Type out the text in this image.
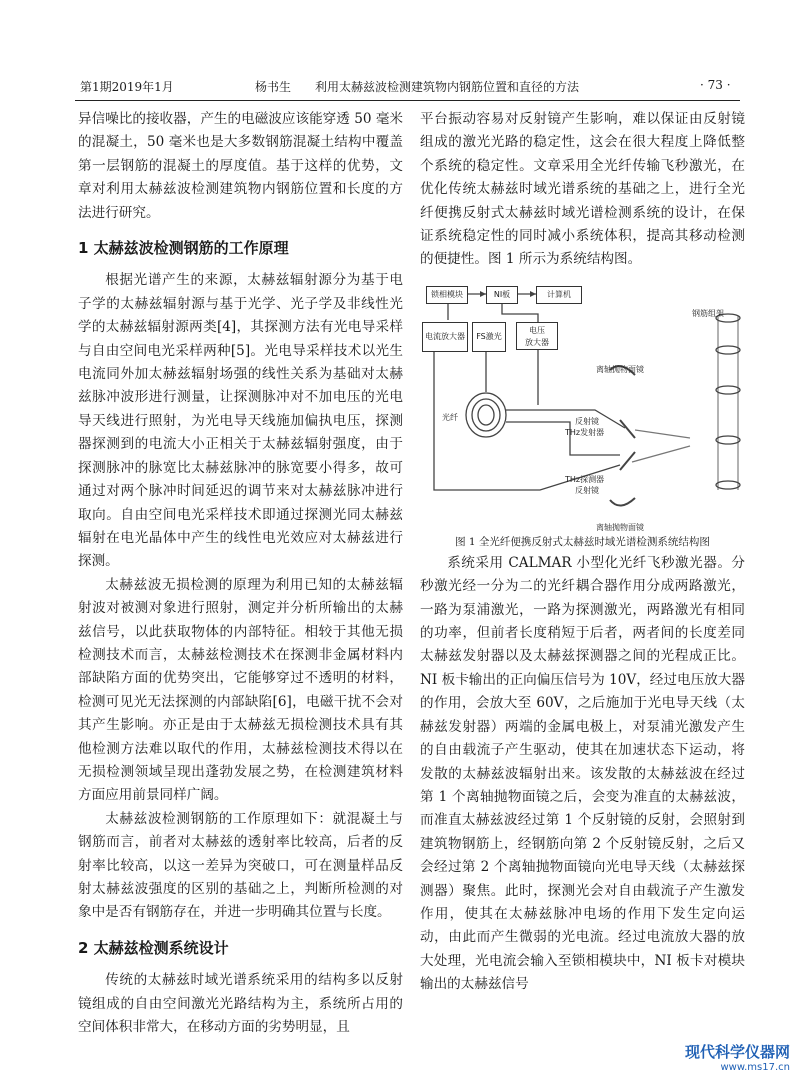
第1期2019年1月	杨书生　　利用太赫兹波检测建筑物内钢筋位置和直径的方法	· 73 ·

异信噪比的接收器，产生的电磁波应该能穿透 50 毫米的混凝土，50 毫米也是大多数钢筋混凝土结构中覆盖第一层钢筋的混凝土的厚度值。基于这样的优势，文章对利用太赫兹波检测建筑物内钢筋位置和长度的方法进行研究。

1 太赫兹波检测钢筋的工作原理

根据光谱产生的来源，太赫兹辐射源分为基于电子学的太赫兹辐射源与基于光学、光子学及非线性光学的太赫兹辐射源两类[4]，其探测方法有光电导采样与自由空间电光采样两种[5]。光电导采样技术以光生电流同外加太赫兹辐射场强的线性关系为基础对太赫兹脉冲波形进行测量，让探测脉冲对不加电压的光电导天线进行照射，为光电导天线施加偏执电压，探测器探测到的电流大小正相关于太赫兹辐射强度，由于探测脉冲的脉宽比太赫兹脉冲的脉宽要小得多，故可通过对两个脉冲时间延迟的调节来对太赫兹脉冲进行取向。自由空间电光采样技术即通过探测光同太赫兹辐射在电光晶体中产生的线性电光效应对太赫兹进行探测。

太赫兹波无损检测的原理为利用已知的太赫兹辐射波对被测对象进行照射，测定并分析所输出的太赫兹信号，以此获取物体的内部特征。相较于其他无损检测技术而言，太赫兹检测技术在探测非金属材料内部缺陷方面的优势突出，它能够穿过不透明的材料，检测可见光无法探测的内部缺陷[6]，电磁干扰不会对其产生影响。亦正是由于太赫兹无损检测技术具有其他检测方法难以取代的作用，太赫兹检测技术得以在无损检测领域呈现出蓬勃发展之势，在检测建筑材料方面应用前景同样广阔。

太赫兹波检测钢筋的工作原理如下：就混凝土与钢筋而言，前者对太赫兹的透射率比较高，后者的反射率比较高，以这一差异为突破口，可在测量样品反射太赫兹波强度的区别的基础之上，判断所检测的对象中是否有钢筋存在，并进一步明确其位置与长度。

2 太赫兹检测系统设计

传统的太赫兹时域光谱系统采用的结构多以反射镜组成的自由空间激光光路结构为主，系统所占用的空间体积非常大，在移动方面的劣势明显，且

平台振动容易对反射镜产生影响，难以保证由反射镜组成的激光光路的稳定性，这会在很大程度上降低整个系统的稳定性。文章采用全光纤传输飞秒激光，在优化传统太赫兹时域光谱系统的基础之上，进行全光纤便携反射式太赫兹时域光谱检测系统的设计，在保证系统稳定性的同时减小系统体积，提高其移动检测的便捷性。图 1 所示为系统结构图。

锁相模块	NI板	计算机
电流放大器	FS激光
电压
放大器
光纤
离轴抛物面镜
反射镜
THz发射器
THz探测器
反射镜
离轴抛物面镜
钢筋组架

图 1 全光纤便携反射式太赫兹时域光谱检测系统结构图

系统采用 CALMAR 小型化光纤飞秒激光器。分秒激光经一分为二的光纤耦合器作用分成两路激光，一路为泵浦激光，一路为探测激光，两路激光有相同的功率，但前者长度稍短于后者，两者间的长度差同太赫兹发射器以及太赫兹探测器之间的光程成正比。NI 板卡输出的正向偏压信号为 10V，经过电压放大器的作用，会放大至 60V，之后施加于光电导天线（太赫兹发射器）两端的金属电极上，对泵浦光激发产生的自由载流子产生驱动，使其在加速状态下运动，将发散的太赫兹波辐射出来。该发散的太赫兹波在经过第 1 个离轴抛物面镜之后，会变为准直的太赫兹波，而准直太赫兹波经过第 1 个反射镜的反射，会照射到建筑物钢筋上，经钢筋向第 2 个反射镜反射，之后又会经过第 2 个离轴抛物面镜向光电导天线（太赫兹探测器）聚焦。此时，探测光会对自由载流子产生激发作用，使其在太赫兹脉冲电场的作用下发生定向运动，由此而产生微弱的光电流。经过电流放大器的放大处理，光电流会输入至锁相模块中，NI 板卡对模块输出的太赫兹信号

现代科学仪器网
www.ms17.cn
